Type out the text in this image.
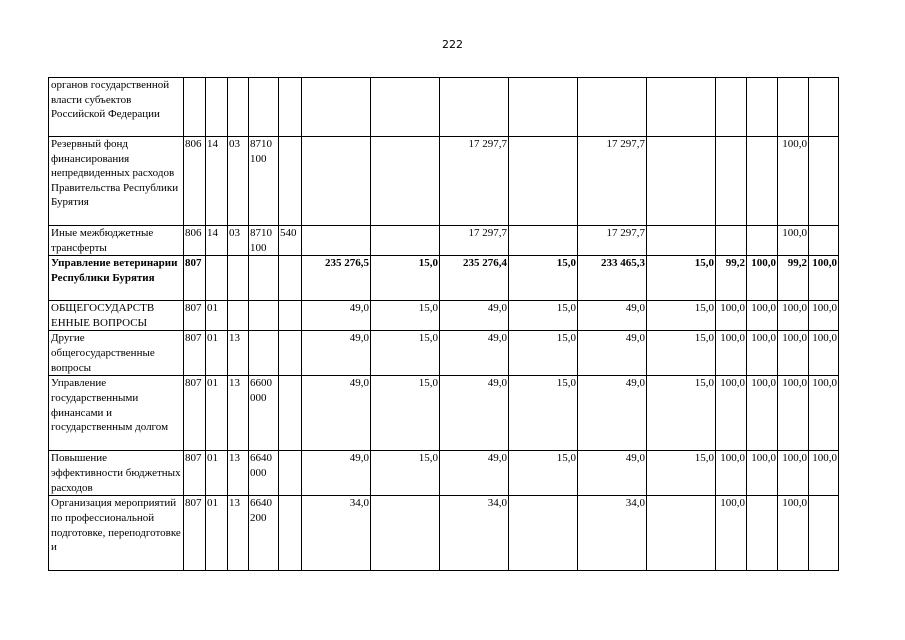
222
органов государственной власти субъектов Российской Федерации															
Резервный фонд финансирования непредвиденных расходов Правительства Республики Бурятия	806	14	03	8710 100				17 297,7		17 297,7				100,0	
Иные межбюджетные трансферты	806	14	03	8710 100	540			17 297,7		17 297,7				100,0	
Управление ветеринарии Республики Бурятия	807					235 276,5	15,0	235 276,4	15,0	233 465,3	15,0	99,2	100,0	99,2	100,0
ОБЩЕГОСУДАРСТВ ЕННЫЕ ВОПРОСЫ	807	01				49,0	15,0	49,0	15,0	49,0	15,0	100,0	100,0	100,0	100,0
Другие общегосударственные вопросы	807	01	13			49,0	15,0	49,0	15,0	49,0	15,0	100,0	100,0	100,0	100,0
Управление государственными финансами и государственным долгом	807	01	13	6600 000		49,0	15,0	49,0	15,0	49,0	15,0	100,0	100,0	100,0	100,0
Повышение эффективности бюджетных расходов	807	01	13	6640 000		49,0	15,0	49,0	15,0	49,0	15,0	100,0	100,0	100,0	100,0
Организация мероприятий по профессиональной подготовке, переподготовке и	807	01	13	6640 200		34,0		34,0		34,0		100,0		100,0	
